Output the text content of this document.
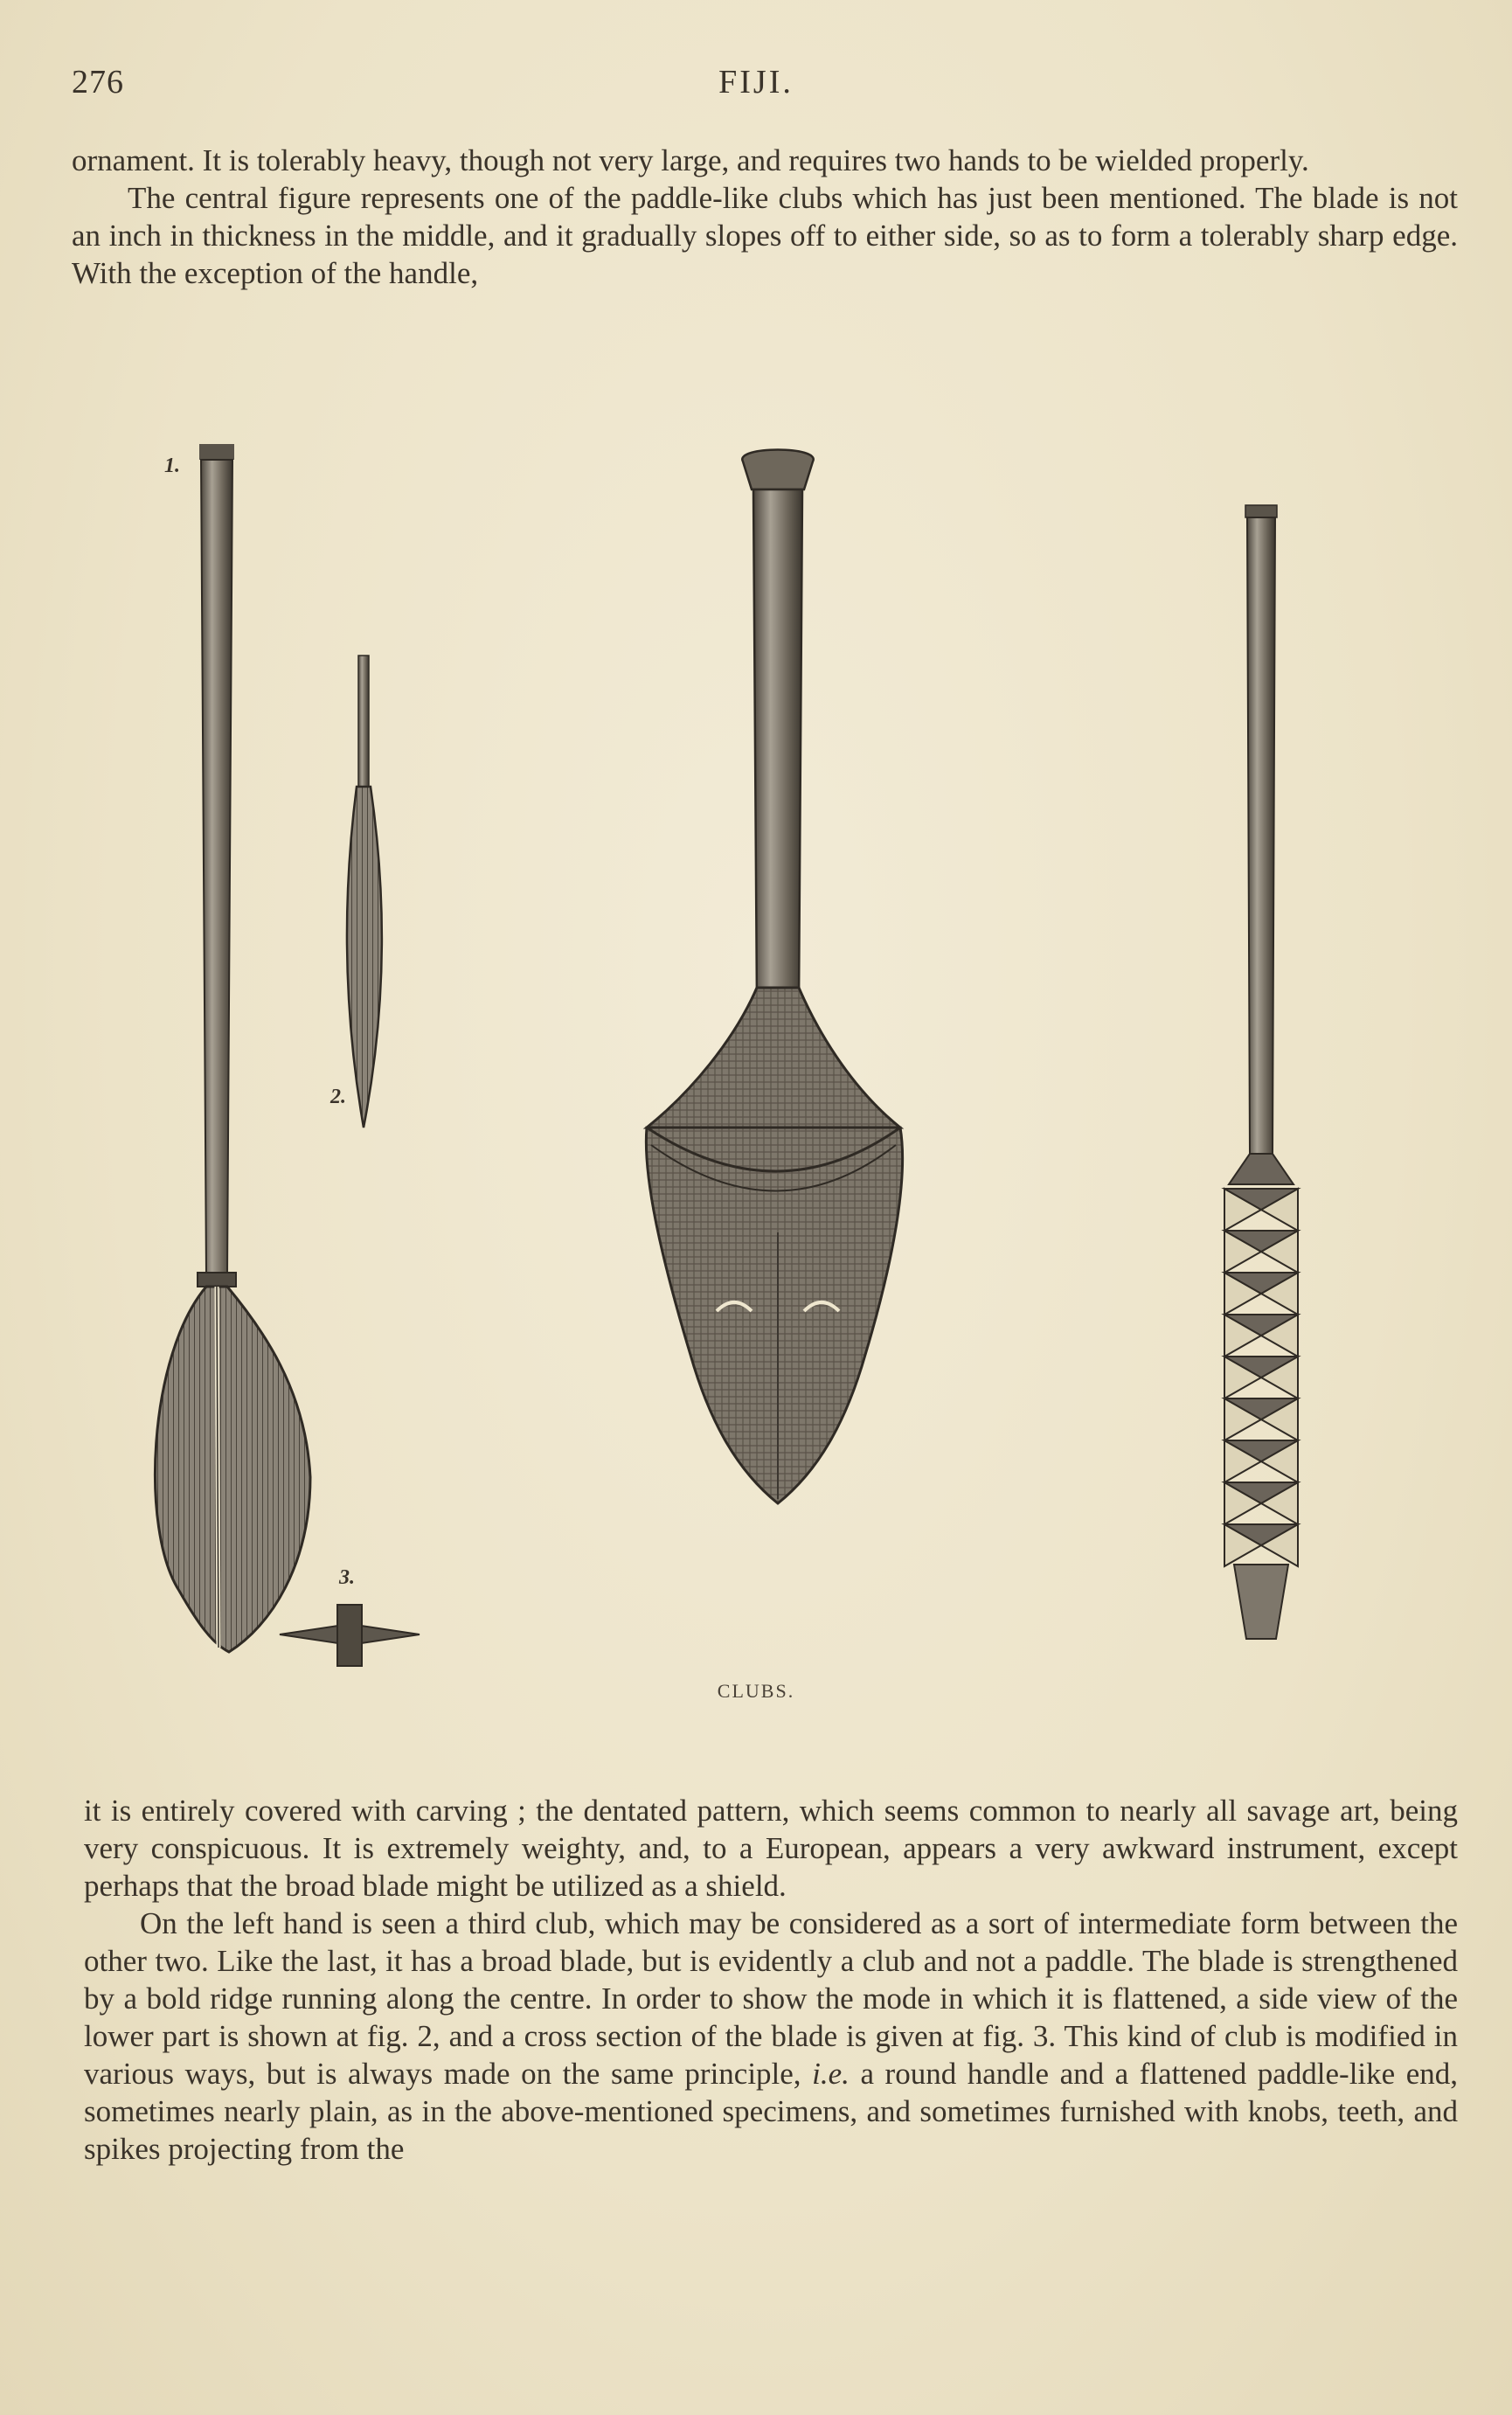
276	FIJI.

ornament. It is tolerably heavy, though not very large, and requires two hands to be wielded properly.

The central figure represents one of the paddle-like clubs which has just been mentioned. The blade is not an inch in thickness in the middle, and it gradually slopes off to either side, so as to form a tolerably sharp edge. With the exception of the handle,

1.
2.
3.
CLUBS.

it is entirely covered with carving ; the dentated pattern, which seems common to nearly all savage art, being very conspicuous. It is extremely weighty, and, to a European, appears a very awkward instrument, except perhaps that the broad blade might be utilized as a shield.

On the left hand is seen a third club, which may be considered as a sort of intermediate form between the other two. Like the last, it has a broad blade, but is evidently a club and not a paddle. The blade is strengthened by a bold ridge running along the centre. In order to show the mode in which it is flattened, a side view of the lower part is shown at fig. 2, and a cross section of the blade is given at fig. 3. This kind of club is modified in various ways, but is always made on the same principle, i.e. a round handle and a flattened paddle-like end, sometimes nearly plain, as in the above-mentioned specimens, and sometimes furnished with knobs, teeth, and spikes projecting from the
